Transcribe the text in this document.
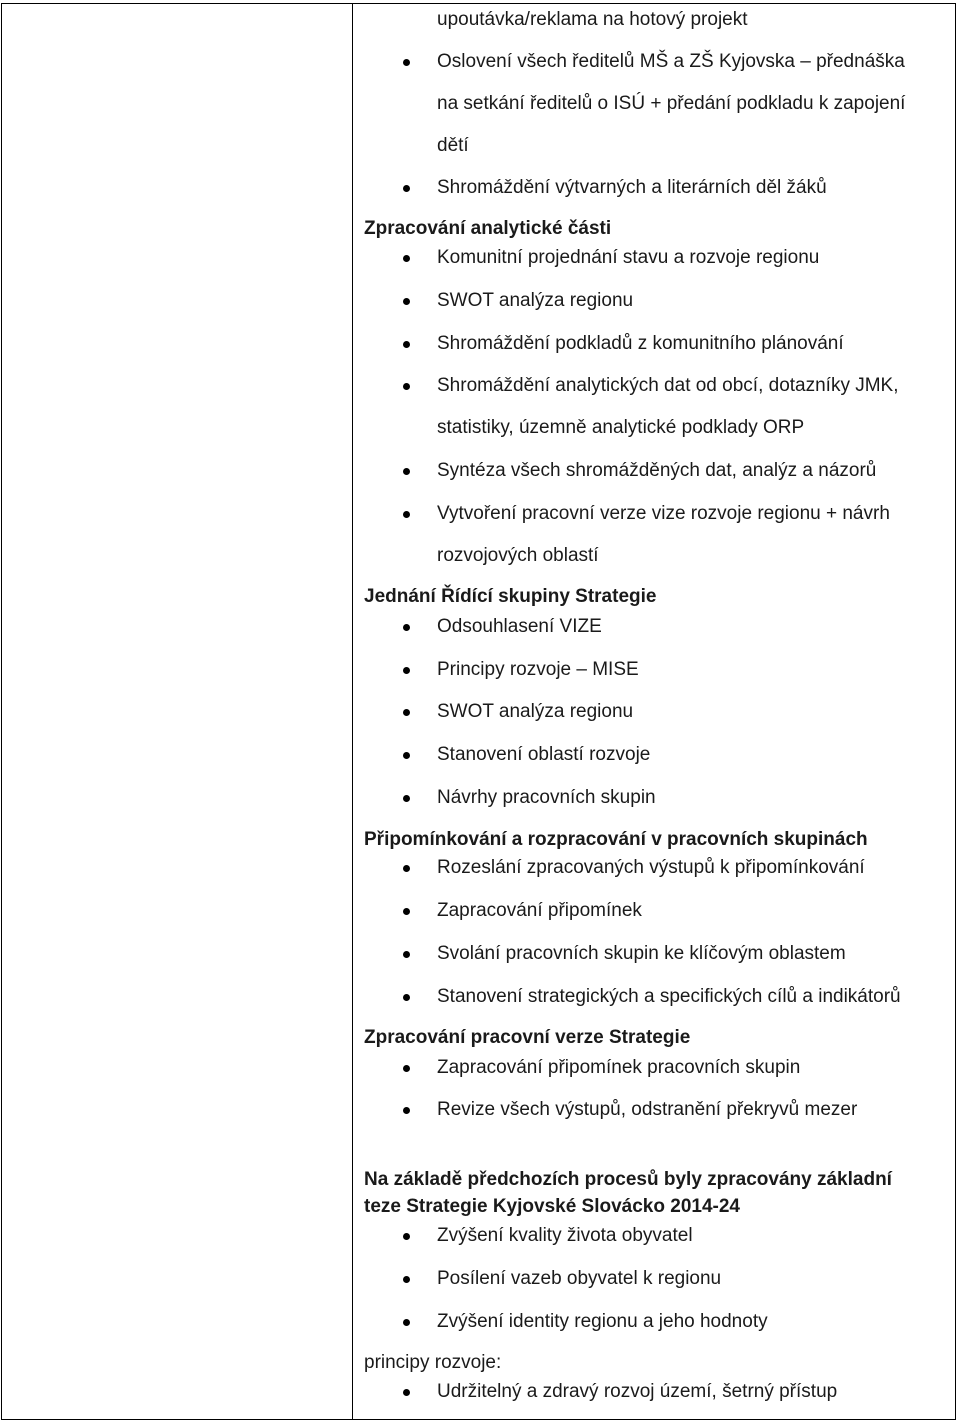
upoutávka/reklama na hotový projekt
Oslovení všech ředitelů MŠ a ZŠ Kyjovska – přednáška
na setkání ředitelů o ISÚ + předání podkladu k zapojení
dětí
Shromáždění výtvarných a literárních děl žáků
Zpracování analytické části
Komunitní projednání stavu a rozvoje regionu
SWOT analýza regionu
Shromáždění podkladů z komunitního plánování
Shromáždění analytických dat od obcí, dotazníky JMK,
statistiky, územně analytické podklady ORP
Syntéza všech shromážděných dat, analýz a názorů
Vytvoření pracovní verze vize rozvoje regionu + návrh
rozvojových oblastí
Jednání Řídící skupiny Strategie
Odsouhlasení VIZE
Principy rozvoje – MISE
SWOT analýza regionu
Stanovení oblastí rozvoje
Návrhy pracovních skupin
Připomínkování a rozpracování v pracovních skupinách
Rozeslání zpracovaných výstupů k připomínkování
Zapracování připomínek
Svolání pracovních skupin ke klíčovým oblastem
Stanovení strategických a specifických cílů a indikátorů
Zpracování pracovní verze Strategie
Zapracování připomínek pracovních skupin
Revize všech výstupů, odstranění překryvů mezer
Na základě předchozích procesů byly zpracovány základní
teze Strategie Kyjovské Slovácko 2014-24
Zvýšení kvality života obyvatel
Posílení vazeb obyvatel k regionu
Zvýšení identity regionu a jeho hodnoty
principy rozvoje:
Udržitelný a zdravý rozvoj území, šetrný přístup
